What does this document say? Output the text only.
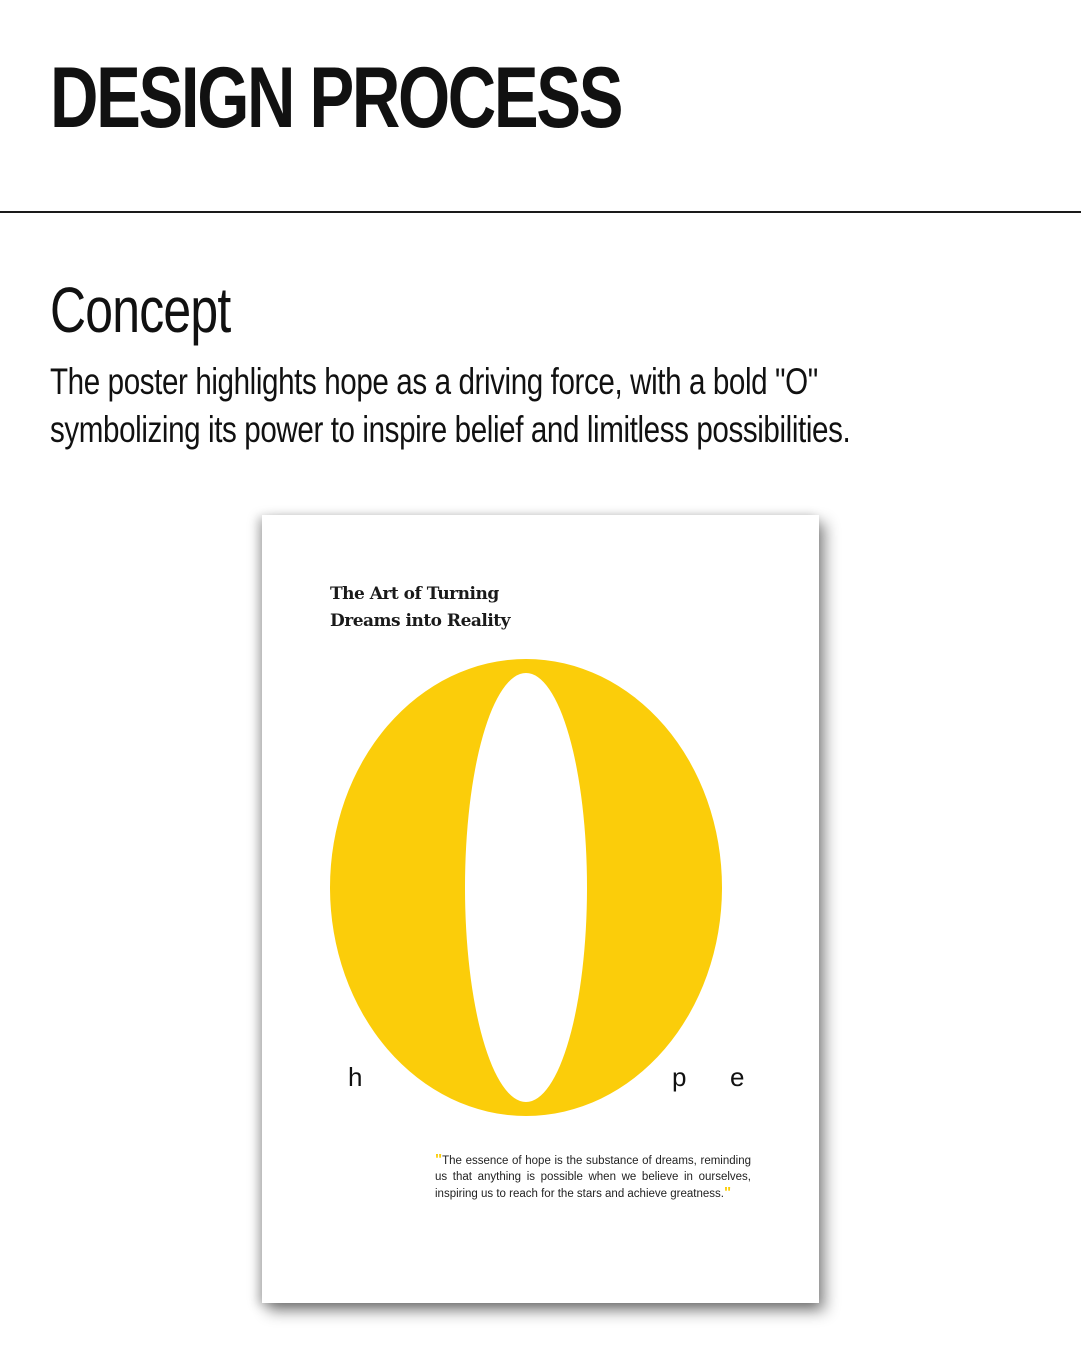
DESIGN PROCESS
Concept

The poster highlights hope as a driving force, with a bold "O"
symbolizing its power to inspire belief and limitless possibilities.

The Art of Turning
Dreams into Reality
h	p e

"The essence of hope is the substance of dreams, reminding us that anything is possible when we believe in ourselves, inspiring us to reach for the stars and achieve greatness."
